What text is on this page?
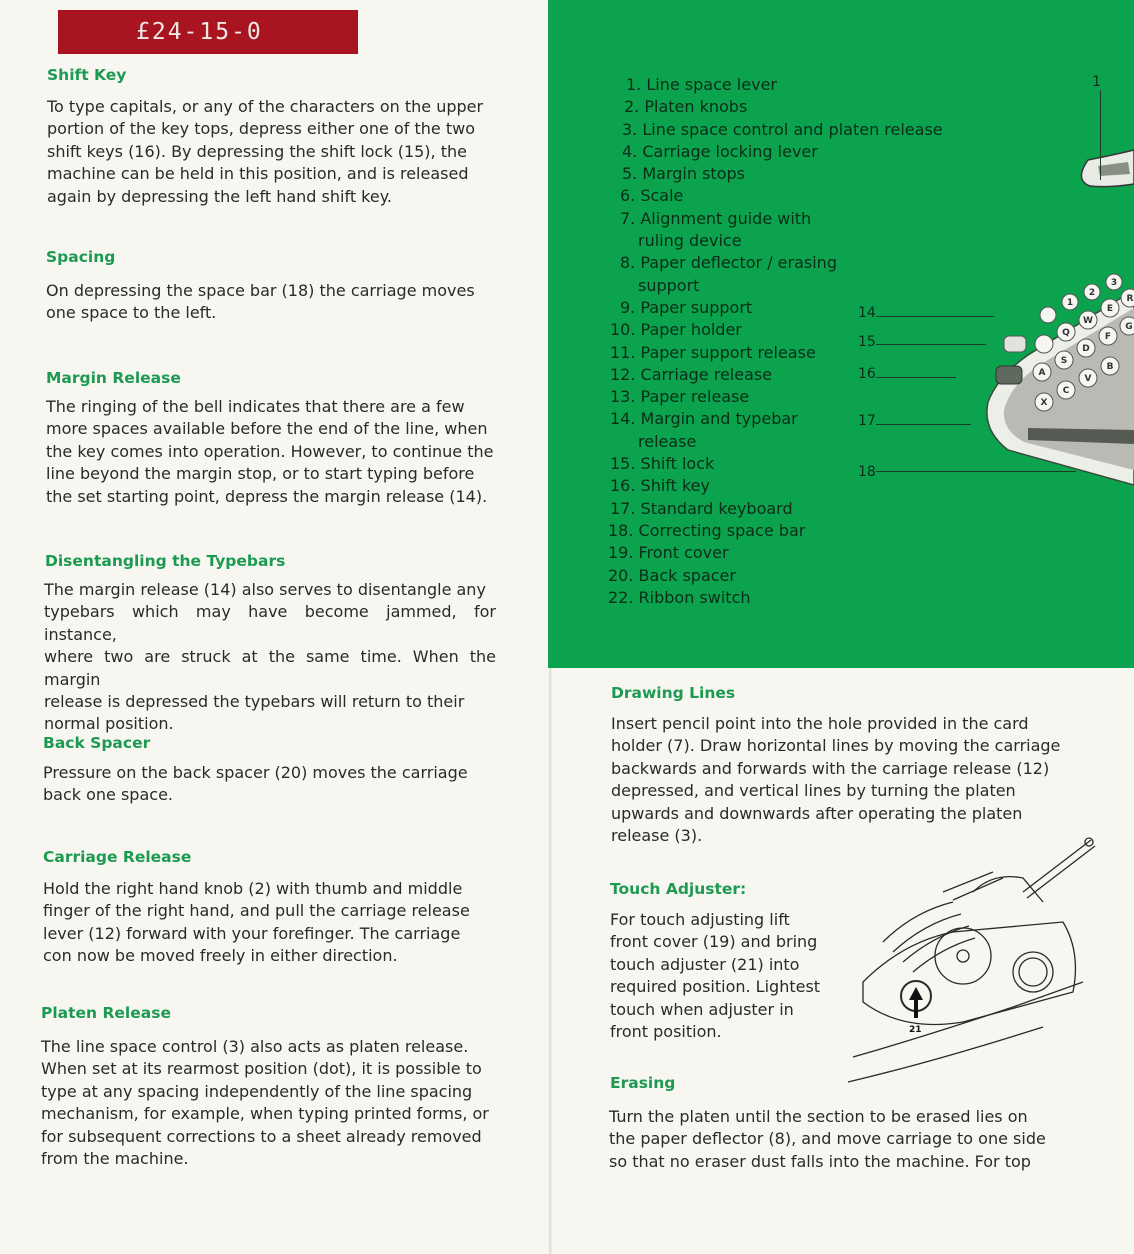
£24-15-0
Shift Key
To type capitals, or any of the characters on the upper
portion of the key tops, depress either one of the two
shift keys (16). By depressing the shift lock (15), the
machine can be held in this position, and is released
again by depressing the left hand shift key.
Spacing
On depressing the space bar (18) the carriage moves
one space to the left.
Margin Release
The ringing of the bell indicates that there are a few
more spaces available before the end of the line, when
the key comes into operation. However, to continue the
line beyond the margin stop, or to start typing before
the set starting point, depress the margin release (14).
Disentangling the Typebars
The margin release (14) also serves to disentangle any
typebars which may have become jammed, for instance,
where two are struck at the same time. When the margin
release is depressed the typebars will return to their
normal position.
Back Spacer
Pressure on the back spacer (20) moves the carriage
back one space.
Carriage Release
Hold the right hand knob (2) with thumb and middle
finger of the right hand, and pull the carriage release
lever (12) forward with your forefinger. The carriage
con now be moved freely in either direction.
Platen Release
The line space control (3) also acts as platen release.
When set at its rearmost position (dot), it is possible to
type at any spacing independently of the line spacing
mechanism, for example, when typing printed forms, or
for subsequent corrections to a sheet already removed
from the machine.
1. Line space lever
2. Platen knobs
3. Line space control and platen release
4. Carriage locking lever
5. Margin stops
6. Scale
7. Alignment guide with
ruling device
8. Paper deflector / erasing
support
9. Paper support
10. Paper holder
11. Paper support release
12. Carriage release
13. Paper release
14. Margin and typebar
release
15. Shift lock
16. Shift key
17. Standard keyboard
18. Correcting space bar
19. Front cover
20. Back spacer
22. Ribbon switch
1
2
3
Q
W
E
R
A
S
D
F
G
X
C
V
B
14
15
16
17
18
1
Drawing Lines
Insert pencil point into the hole provided in the card
holder (7). Draw horizontal lines by moving the carriage
backwards and forwards with the carriage release (12)
depressed, and vertical lines by turning the platen
upwards and downwards after operating the platen
release (3).
Touch Adjuster:
For touch adjusting lift
front cover (19) and bring
touch adjuster (21) into
required position. Lightest
touch when adjuster in
front position.	21
Erasing
Turn the platen until the section to be erased lies on
the paper deflector (8), and move carriage to one side
so that no eraser dust falls into the machine. For top
